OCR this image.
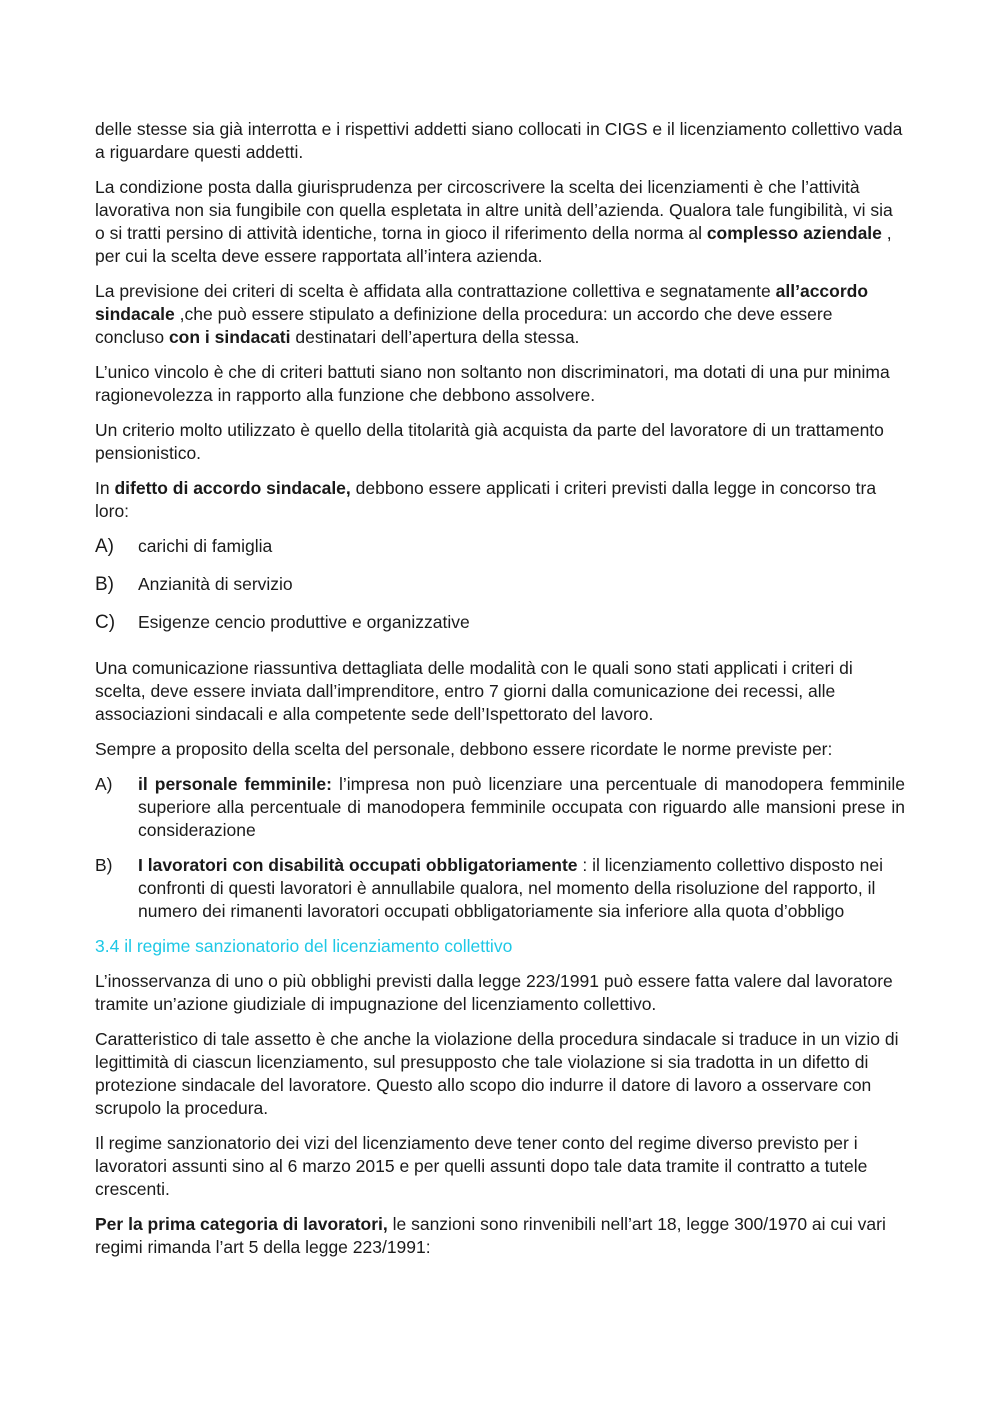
delle stesse sia già interrotta e i rispettivi addetti siano collocati in CIGS e il licenziamento collettivo vada a riguardare questi addetti.

La condizione posta dalla giurisprudenza per circoscrivere la scelta dei licenziamenti è che l’attività lavorativa non sia fungibile con quella espletata in altre unità dell’azienda. Qualora tale fungibilità, vi sia o si tratti persino di attività identiche, torna in gioco il riferimento della norma al complesso aziendale , per cui la scelta deve essere rapportata all’intera azienda.

La previsione dei criteri di scelta è affidata alla contrattazione collettiva e segnatamente all’accordo sindacale ,che può essere stipulato a definizione della procedura: un accordo che deve essere concluso con i sindacati destinatari dell’apertura della stessa.

L’unico vincolo è che di criteri battuti siano non soltanto non discriminatori, ma dotati di una pur minima ragionevolezza in rapporto alla funzione che debbono assolvere.

Un criterio molto utilizzato è quello della titolarità già acquista da parte del lavoratore di un trattamento pensionistico.

In difetto di accordo sindacale, debbono essere applicati i criteri previsti dalla legge in concorso tra loro:

A)	carichi di famiglia
B)	Anzianità di servizio
C)	Esigenze cencio produttive e organizzative

Una comunicazione riassuntiva dettagliata delle modalità con le quali sono stati applicati i criteri di scelta, deve essere inviata dall’imprenditore, entro 7 giorni dalla comunicazione dei recessi, alle associazioni sindacali e alla competente sede dell’Ispettorato del lavoro.

Sempre a proposito della scelta del personale, debbono essere ricordate le norme previste per:

A)	il personale femminile: l’impresa non può licenziare una percentuale di manodopera femminile superiore alla percentuale di manodopera femminile occupata con riguardo alle mansioni prese in considerazione
B)	I lavoratori con disabilità occupati obbligatoriamente : il licenziamento collettivo disposto nei confronti di questi lavoratori è annullabile qualora, nel momento della risoluzione del rapporto, il numero dei rimanenti lavoratori occupati obbligatoriamente sia inferiore alla quota d’obbligo

3.4 il regime sanzionatorio del licenziamento collettivo

L’inosservanza di uno o più obblighi previsti dalla legge 223/1991 può essere fatta valere dal lavoratore tramite un’azione giudiziale di impugnazione del licenziamento collettivo.

Caratteristico di tale assetto è che anche la violazione della procedura sindacale si traduce in un vizio di legittimità di ciascun licenziamento, sul presupposto che tale violazione si sia tradotta in un difetto di protezione sindacale del lavoratore. Questo allo scopo dio indurre il datore di lavoro a osservare con scrupolo la procedura.

Il regime sanzionatorio dei vizi del licenziamento deve tener conto del regime diverso previsto per i lavoratori assunti sino al 6 marzo 2015 e per quelli assunti dopo tale data tramite il contratto a tutele crescenti.

Per la prima categoria di lavoratori, le sanzioni sono rinvenibili nell’art 18, legge 300/1970 ai cui vari regimi rimanda l’art 5 della legge 223/1991:
